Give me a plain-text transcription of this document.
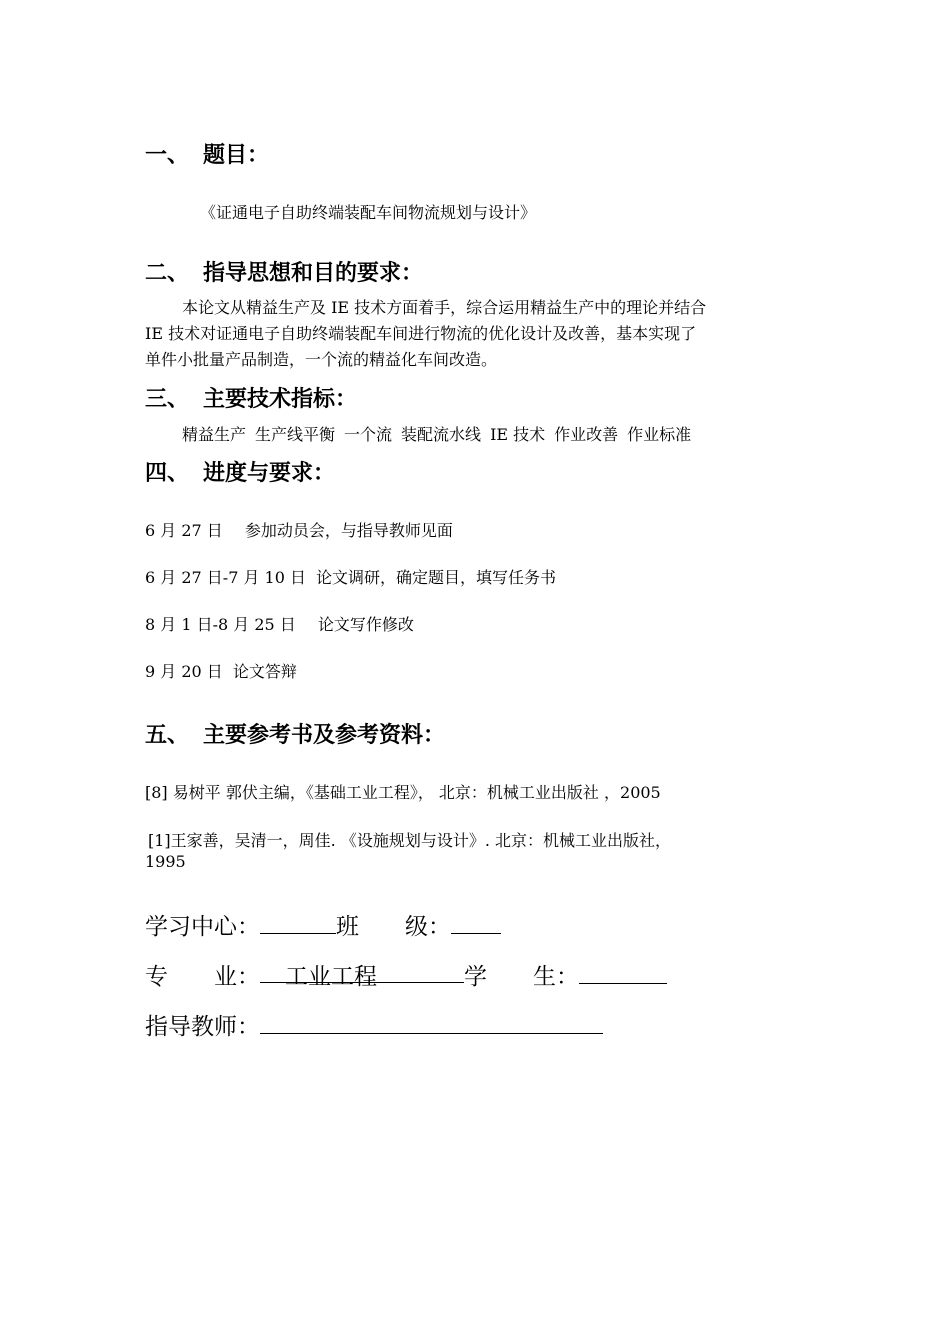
一、 题目：
《证通电子自助终端装配车间物流规划与设计》
二、 指导思想和目的要求：
本论文从精益生产及 IE 技术方面着手，综合运用精益生产中的理论并结合
IE 技术对证通电子自助终端装配车间进行物流的优化设计及改善，基本实现了
单件小批量产品制造，一个流的精益化车间改造。
三、 主要技术指标：
精益生产 生产线平衡 一个流 装配流水线 IE 技术 作业改善 作业标准
四、 进度与要求：
6 月 27 日 参加动员会，与指导教师见面
6 月 27 日-7 月 10 日 论文调研，确定题目，填写任务书
8 月 1 日-8 月 25 日 论文写作修改
9 月 20 日 论文答辩
五、 主要参考书及参考资料：
[8] 易树平 郭伏主编，《基础工业工程》， 北京：机械工业出版社 ，2005
[1]王家善，吴清一，周佳. 《设施规划与设计》. 北京：机械工业出版社，
1995
学习中心：	班　　级：
专　　业： 工业工程	学　　生：
指导教师：
